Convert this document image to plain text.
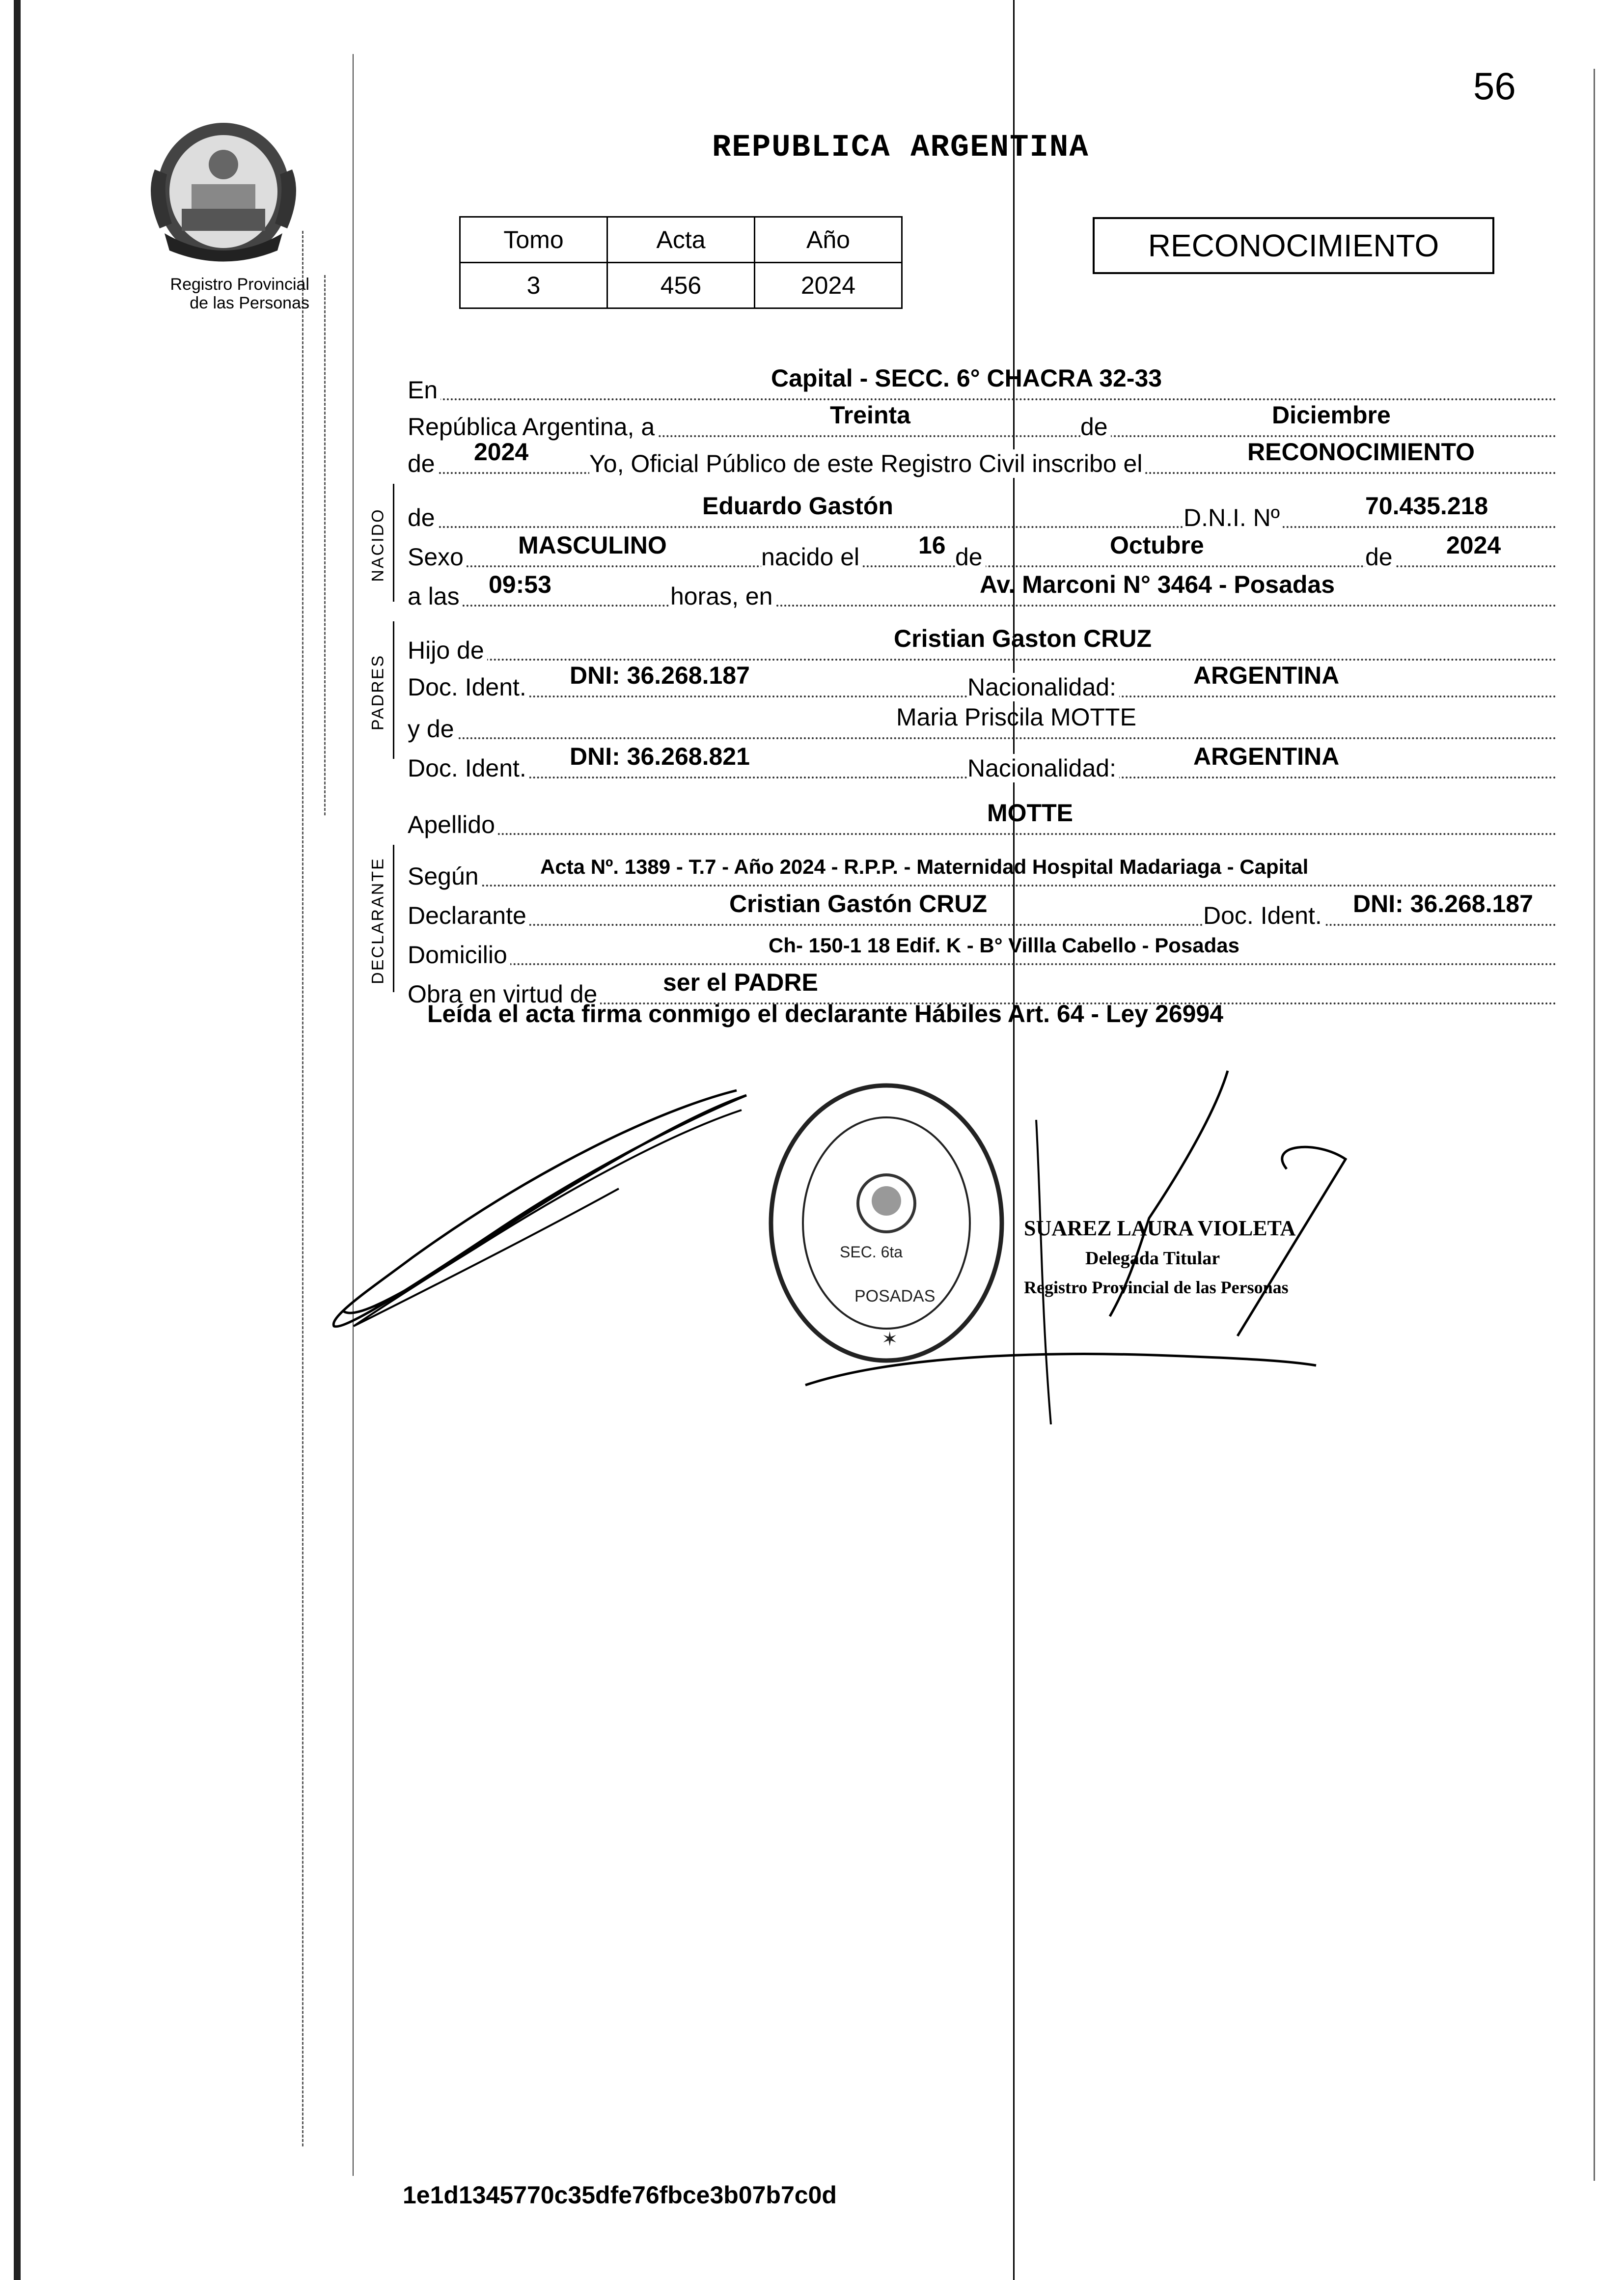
Registro Provincial
de las Personas
56
REPUBLICA ARGENTINA
Tomo	Acta	Año
3	456	2024
RECONOCIMIENTO
NACIDO
PADRES
DECLARANTE
En	Capital - SECC. 6° CHACRA 32-33
República Argentina, a	Treinta	de	Diciembre
de 2024 Yo, Oficial Público de este Registro Civil inscribo el	RECONOCIMIENTO
de	Eduardo Gastón	D.N.I. Nº	70.435.218
Sexo MASCULINO	nacido el 16 de	Octubre	de 2024
a las 09:53	horas, en	Av. Marconi N° 3464 - Posadas
Hijo de	Cristian Gaston CRUZ
Doc. Ident. DNI: 36.268.187	Nacionalidad:	ARGENTINA
y de	Maria Priscila MOTTE
Doc. Ident. DNI: 36.268.821	Nacionalidad:	ARGENTINA
Apellido	MOTTE
Según	Acta Nº. 1389 - T.7 - Año 2024 - R.P.P. - Maternidad Hospital Madariaga - Capital
Declarante	Cristian Gastón CRUZ	Doc. Ident. DNI: 36.268.187
Domicilio	Ch- 150-1 18 Edif. K - B° Villla Cabello - Posadas
Obra en virtud de	ser el PADRE
Leída el acta firma conmigo el declarante Hábiles Art. 64 - Ley 26994
SEC. 6ta
POSADAS
✶
SUAREZ LAURA VIOLETA
Delegada Titular
Registro Provincial de las Personas
1e1d1345770c35dfe76fbce3b07b7c0d
